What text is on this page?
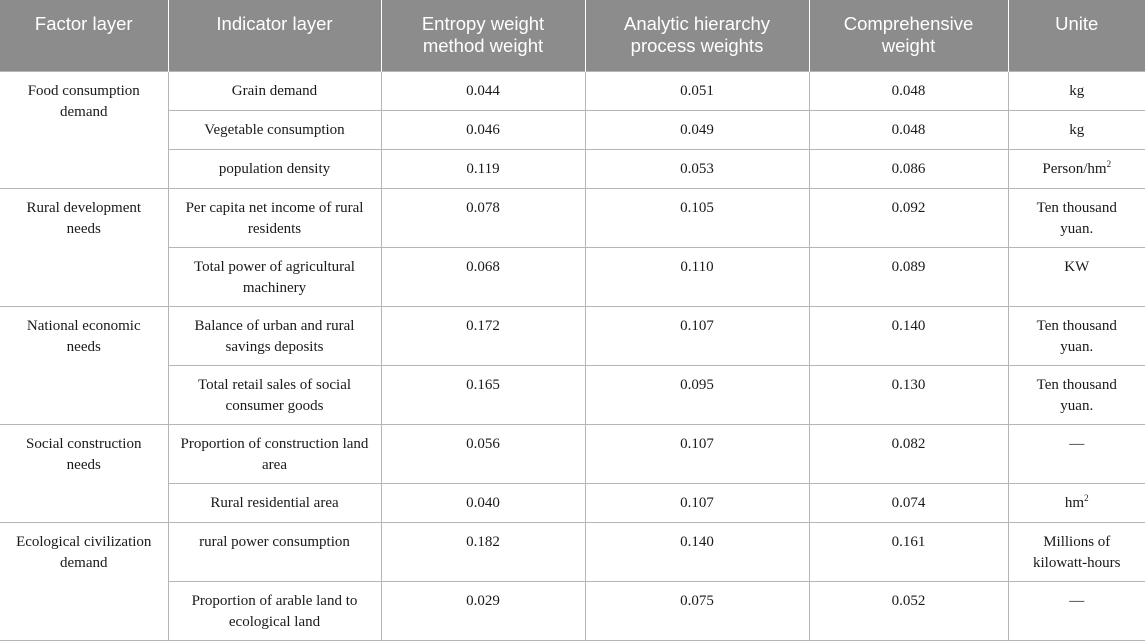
Factor layer	Indicator layer	Entropy weight method weight	Analytic hierarchy process weights	Comprehensive weight	Unite
Food consumption demand	Grain demand	0.044	0.051	0.048	kg
	Vegetable consumption	0.046	0.049	0.048	kg
	population density	0.119	0.053	0.086	Person/$hm^2$
Rural development needs	Per capita net income of rural residents	0.078	0.105	0.092	Ten thousand yuan.
	Total power of agricultural machinery	0.068	0.110	0.089	KW
National economic needs	Balance of urban and rural savings deposits	0.172	0.107	0.140	Ten thousand yuan.
	Total retail sales of social consumer goods	0.165	0.095	0.130	Ten thousand yuan.
Social construction needs	Proportion of construction land area	0.056	0.107	0.082	—
	Rural residential area	0.040	0.107	0.074	$hm^2$
Ecological civilization demand	rural power consumption	0.182	0.140	0.161	Millions of kilowatt-hours
	Proportion of arable land to ecological land	0.029	0.075	0.052	—
